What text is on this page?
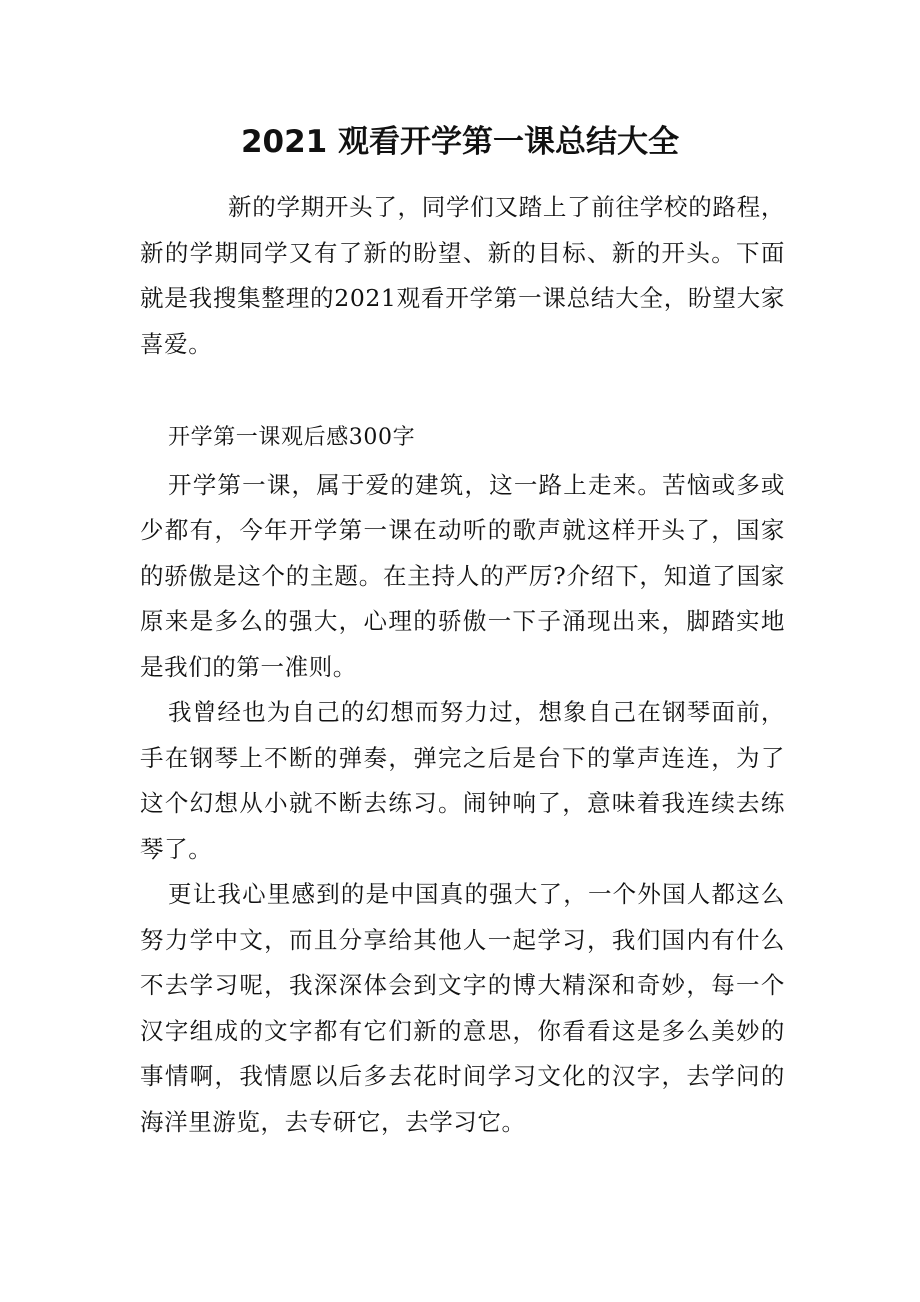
2021 观看开学第一课总结大全

新的学期开头了，同学们又踏上了前往学校的路程，新的学期同学又有了新的盼望、新的目标、新的开头。下面就是我搜集整理的2021观看开学第一课总结大全，盼望大家喜爱。

开学第一课观后感300字

开学第一课，属于爱的建筑，这一路上走来。苦恼或多或少都有，今年开学第一课在动听的歌声就这样开头了，国家的骄傲是这个的主题。在主持人的严厉?介绍下，知道了国家原来是多么的强大，心理的骄傲一下子涌现出来，脚踏实地是我们的第一准则。

我曾经也为自己的幻想而努力过，想象自己在钢琴面前，手在钢琴上不断的弹奏，弹完之后是台下的掌声连连，为了这个幻想从小就不断去练习。闹钟响了，意味着我连续去练琴了。

更让我心里感到的是中国真的强大了，一个外国人都这么努力学中文，而且分享给其他人一起学习，我们国内有什么不去学习呢，我深深体会到文字的博大精深和奇妙，每一个汉字组成的文字都有它们新的意思，你看看这是多么美妙的事情啊，我情愿以后多去花时间学习文化的汉字，去学问的海洋里游览，去专研它，去学习它。
